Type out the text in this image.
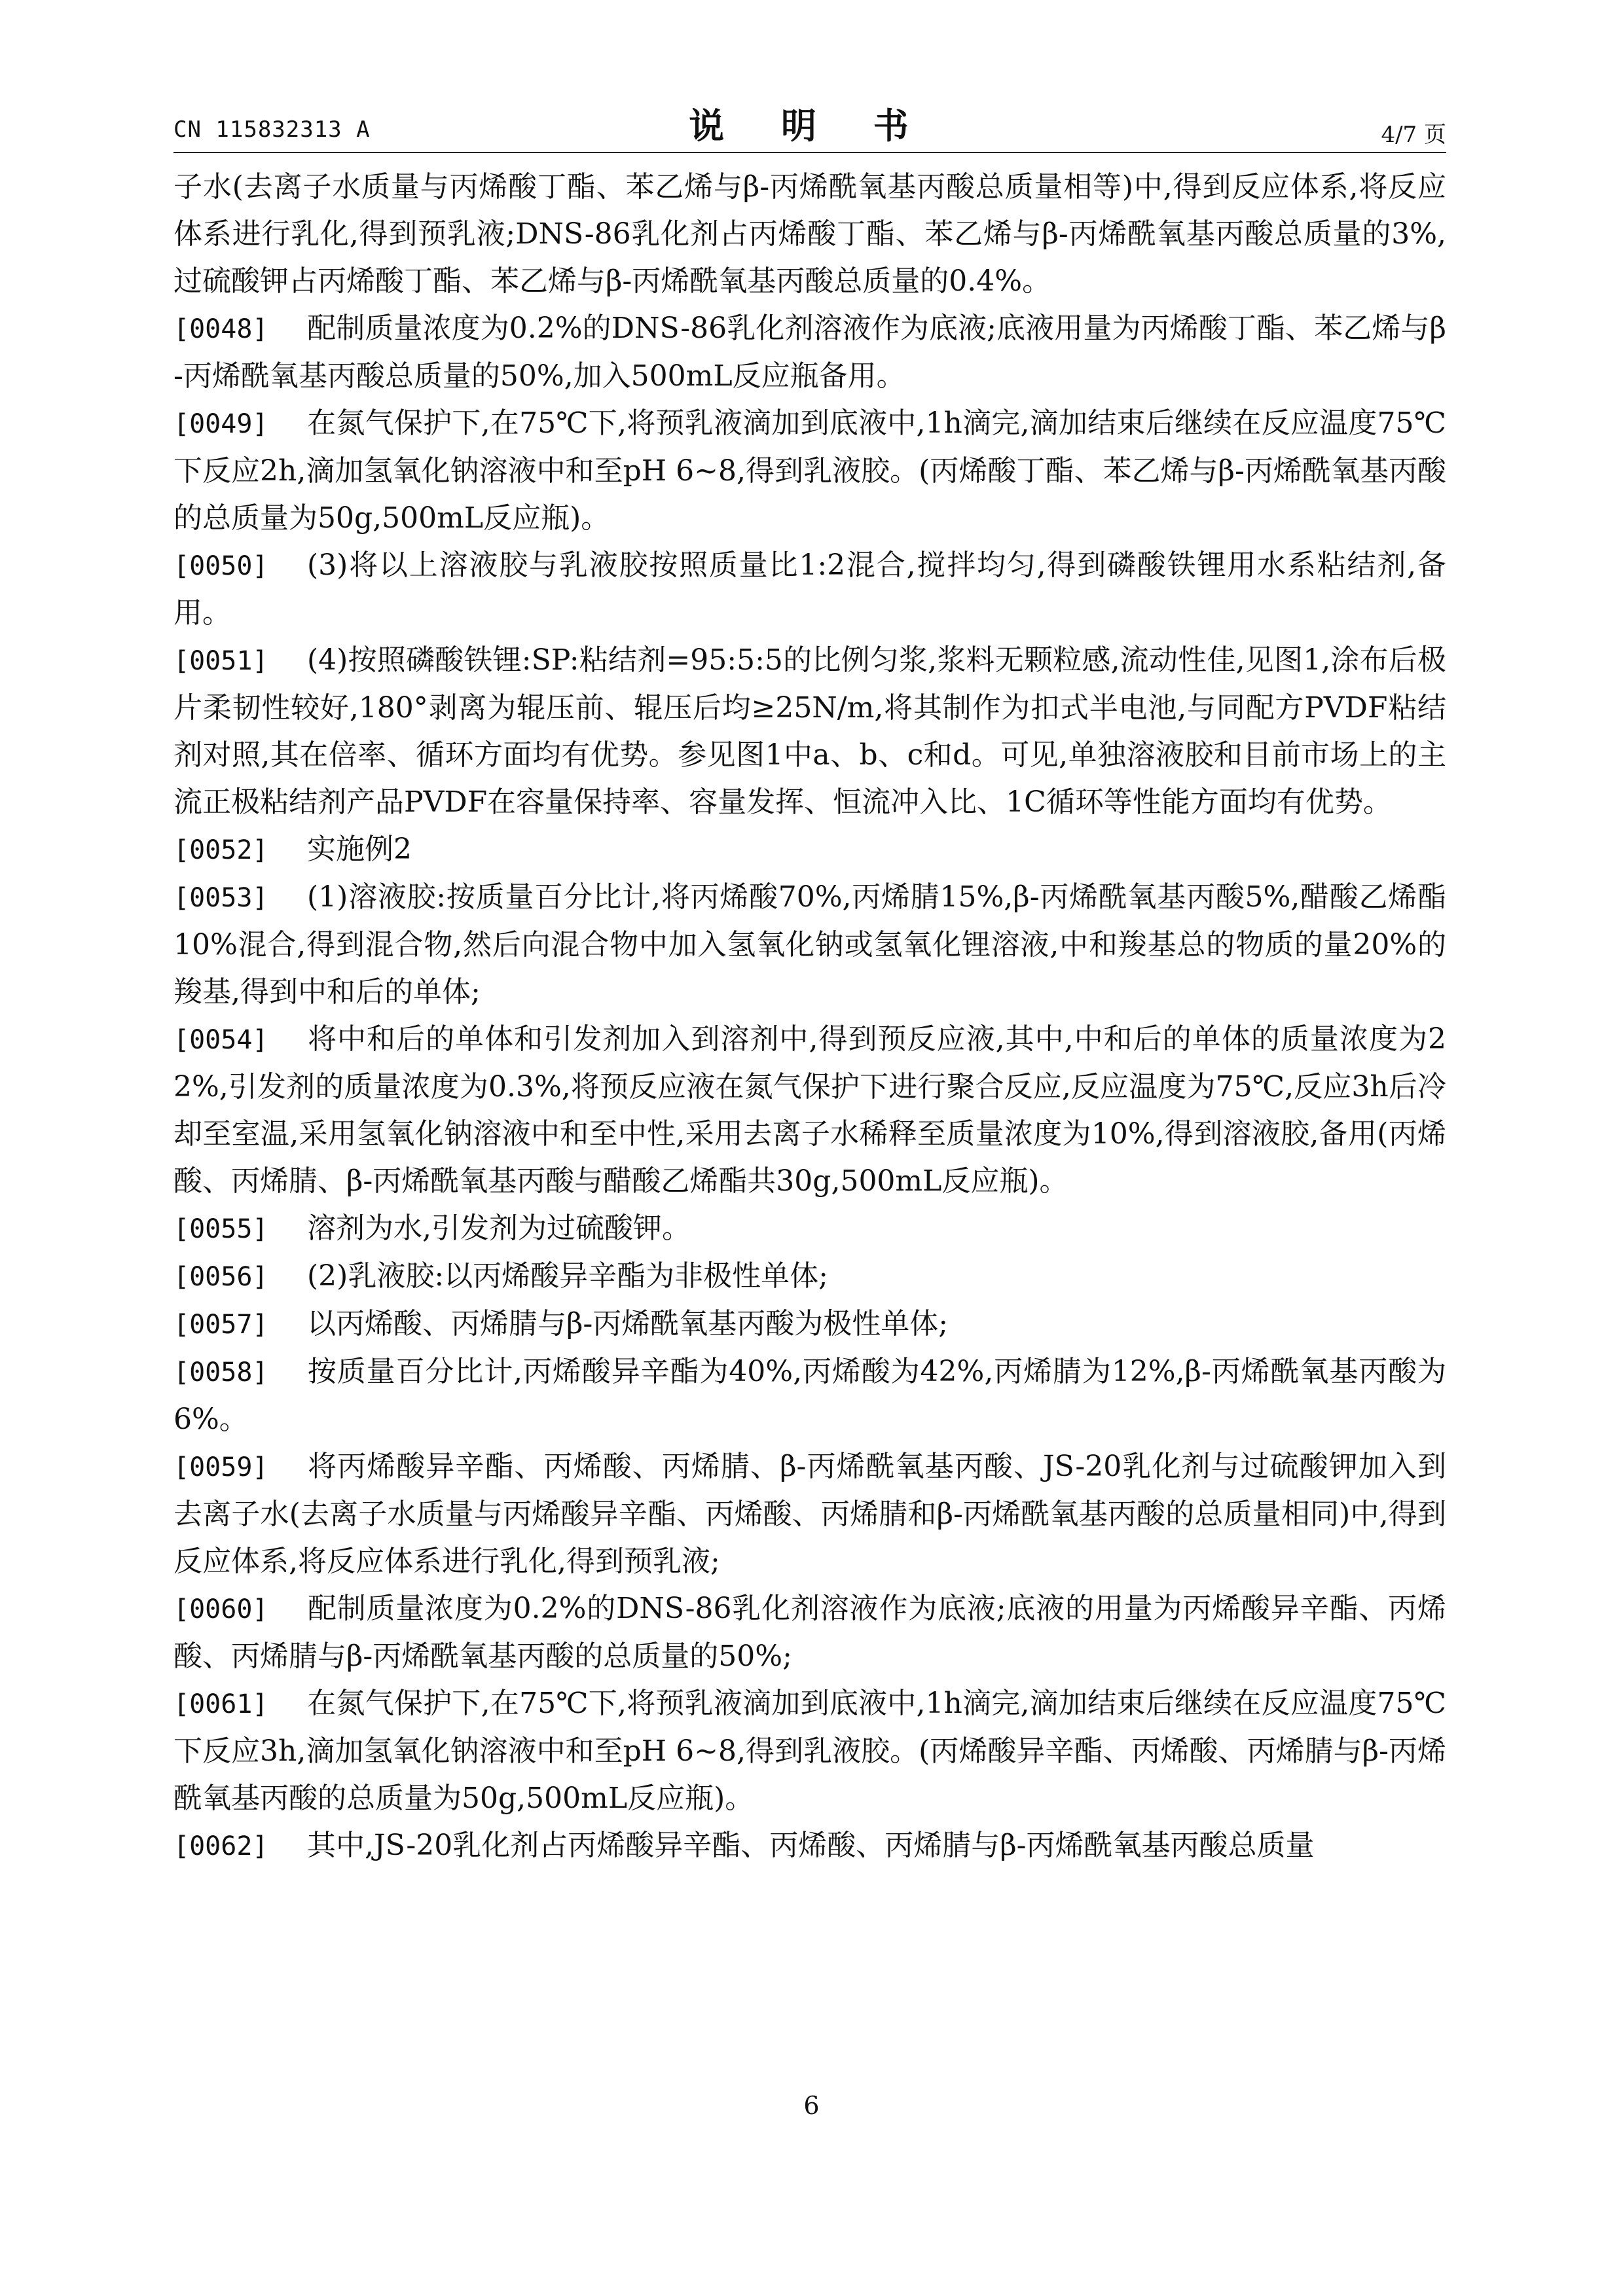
CN 115832313 A	说 明 书	4/7 页

子水(去离子水质量与丙烯酸丁酯、苯乙烯与β-丙烯酰氧基丙酸总质量相等)中,得到反应体系,将反应体系进行乳化,得到预乳液;DNS-86乳化剂占丙烯酸丁酯、苯乙烯与β-丙烯酰氧基丙酸总质量的3%,过硫酸钾占丙烯酸丁酯、苯乙烯与β-丙烯酰氧基丙酸总质量的0.4%。

[0048] 配制质量浓度为0.2%的DNS-86乳化剂溶液作为底液;底液用量为丙烯酸丁酯、苯乙烯与β-丙烯酰氧基丙酸总质量的50%,加入500mL反应瓶备用。

[0049] 在氮气保护下,在75℃下,将预乳液滴加到底液中,1h滴完,滴加结束后继续在反应温度75℃下反应2h,滴加氢氧化钠溶液中和至pH 6~8,得到乳液胶。(丙烯酸丁酯、苯乙烯与β-丙烯酰氧基丙酸的总质量为50g,500mL反应瓶)。

[0050] (3)将以上溶液胶与乳液胶按照质量比1:2混合,搅拌均匀,得到磷酸铁锂用水系粘结剂,备用。

[0051] (4)按照磷酸铁锂:SP:粘结剂=95:5:5的比例匀浆,浆料无颗粒感,流动性佳,见图1,涂布后极片柔韧性较好,180°剥离为辊压前、辊压后均≥25N/m,将其制作为扣式半电池,与同配方PVDF粘结剂对照,其在倍率、循环方面均有优势。参见图1中a、b、c和d。可见,单独溶液胶和目前市场上的主流正极粘结剂产品PVDF在容量保持率、容量发挥、恒流冲入比、1C循环等性能方面均有优势。

[0052] 实施例2

[0053] (1)溶液胶:按质量百分比计,将丙烯酸70%,丙烯腈15%,β-丙烯酰氧基丙酸5%,醋酸乙烯酯10%混合,得到混合物,然后向混合物中加入氢氧化钠或氢氧化锂溶液,中和羧基总的物质的量20%的羧基,得到中和后的单体;

[0054] 将中和后的单体和引发剂加入到溶剂中,得到预反应液,其中,中和后的单体的质量浓度为22%,引发剂的质量浓度为0.3%,将预反应液在氮气保护下进行聚合反应,反应温度为75℃,反应3h后冷却至室温,采用氢氧化钠溶液中和至中性,采用去离子水稀释至质量浓度为10%,得到溶液胶,备用(丙烯酸、丙烯腈、β-丙烯酰氧基丙酸与醋酸乙烯酯共30g,500mL反应瓶)。

[0055] 溶剂为水,引发剂为过硫酸钾。

[0056] (2)乳液胶:以丙烯酸异辛酯为非极性单体;

[0057] 以丙烯酸、丙烯腈与β-丙烯酰氧基丙酸为极性单体;

[0058] 按质量百分比计,丙烯酸异辛酯为40%,丙烯酸为42%,丙烯腈为12%,β-丙烯酰氧基丙酸为6%。

[0059] 将丙烯酸异辛酯、丙烯酸、丙烯腈、β-丙烯酰氧基丙酸、JS-20乳化剂与过硫酸钾加入到去离子水(去离子水质量与丙烯酸异辛酯、丙烯酸、丙烯腈和β-丙烯酰氧基丙酸的总质量相同)中,得到反应体系,将反应体系进行乳化,得到预乳液;

[0060] 配制质量浓度为0.2%的DNS-86乳化剂溶液作为底液;底液的用量为丙烯酸异辛酯、丙烯酸、丙烯腈与β-丙烯酰氧基丙酸的总质量的50%;

[0061] 在氮气保护下,在75℃下,将预乳液滴加到底液中,1h滴完,滴加结束后继续在反应温度75℃下反应3h,滴加氢氧化钠溶液中和至pH 6~8,得到乳液胶。(丙烯酸异辛酯、丙烯酸、丙烯腈与β-丙烯酰氧基丙酸的总质量为50g,500mL反应瓶)。

[0062] 其中,JS-20乳化剂占丙烯酸异辛酯、丙烯酸、丙烯腈与β-丙烯酰氧基丙酸总质量

6
